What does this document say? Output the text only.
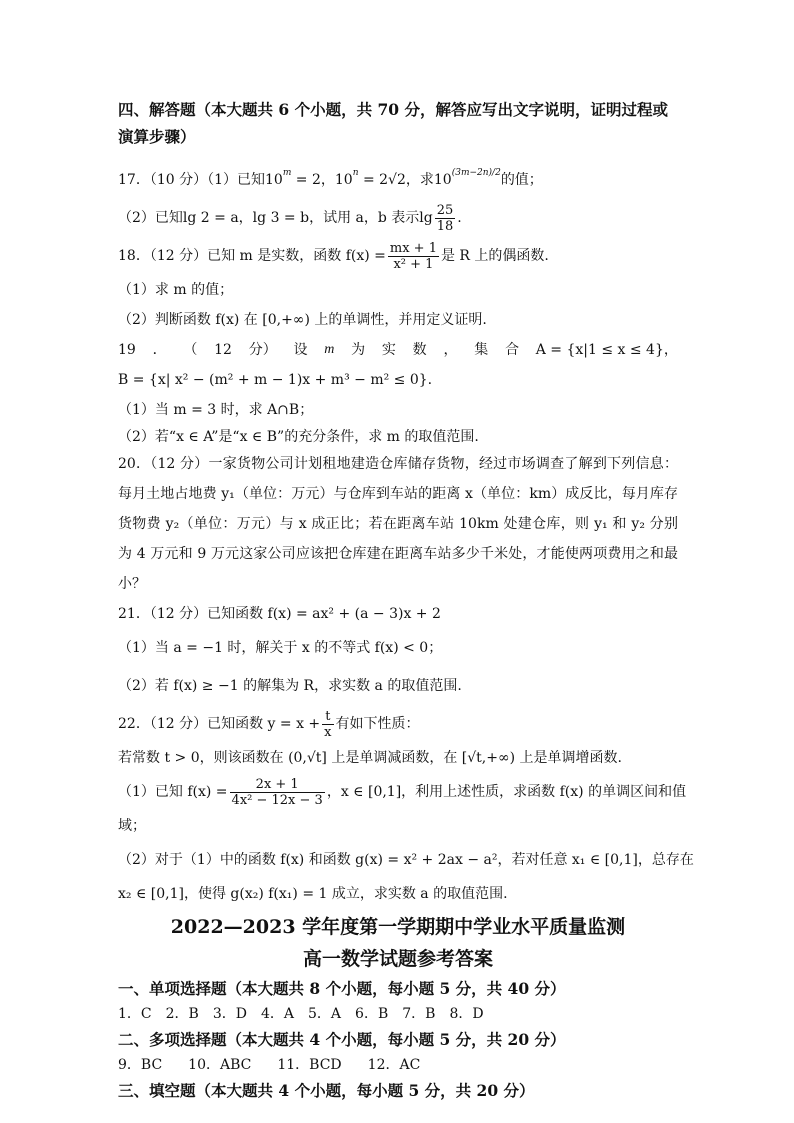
四、解答题（本大题共 6 个小题，共 70 分，解答应写出文字说明，证明过程或
演算步骤）
17．（10 分）（1）已知$10^m = 2$，$10^n = 2√2$，求$10^{(3m-2n)/2}$的值；
（2）已知lg 2 = a，lg 3 = b，试用 a，b 表示$\lg \frac{25}{18}$ .
18．（12 分）已知 m 是实数，函数 $f(x) = \frac{mx + 1}{\text{x² + 1}}$ 是 R 上的偶函数.
（1）求 m 的值；
（2）判断函数 f(x) 在 [0,+∞) 上的单调性，并用定义证明.
19 ． （ 12 分） 设 m 为 实 数 ， 集 合 A = {x|1 ≤ x ≤ 4}，
B = {x| x² − (m² + m − 1)x + m³ − m² ≤ 0}.
（1）当 m = 3 时，求 A∩B；
（2）若“x ∈ A”是“x ∈ B”的充分条件，求 m 的取值范围.
20．（12 分）一家货物公司计划租地建造仓库储存货物，经过市场调查了解到下列信息：每月土地占地费 y₁（单位：万元）与仓库到车站的距离 x（单位：km）成反比，每月库存货物费 y₂（单位：万元）与 x 成正比；若在距离车站 10km 处建仓库，则 y₁ 和 y₂ 分别为 4 万元和 9 万元这家公司应该把仓库建在距离车站多少千米处，才能使两项费用之和最小？
21．（12 分）已知函数 f(x) = ax² + (a − 3)x + 2
（1）当 a = −1 时，解关于 x 的不等式 f(x) < 0；
（2）若 f(x) ≥ −1 的解集为 R，求实数 a 的取值范围.
22．（12 分）已知函数 $y = x + \frac{t}{x}$ 有如下性质：
若常数 t > 0，则该函数在 (0,√t] 上是单调减函数，在 [√t,+∞) 上是单调增函数.
（1）已知 $f(x) = \frac{2x + 1}{\text{4x² − 12x − 3}}$ ，x ∈ [0,1]，利用上述性质，求函数 f(x) 的单调区间和值
域；
（2）对于（1）中的函数 f(x) 和函数 g(x) = x² + 2ax − a²，若对任意 x₁ ∈ [0,1]，总存在
x₂ ∈ [0,1]，使得 g(x₂) f(x₁) = 1 成立，求实数 a 的取值范围.
2022—2023 学年度第一学期期中学业水平质量监测
高一数学试题参考答案
一、单项选择题（本大题共 8 个小题，每小题 5 分，共 40 分）
1．C 2．B 3．D 4．A 5．A 6．B 7．B 8．D
二、多项选择题（本大题共 4 个小题，每小题 5 分，共 20 分）
9．BC 10．ABC 11．BCD 12．AC
三、填空题（本大题共 4 个小题，每小题 5 分，共 20 分）
